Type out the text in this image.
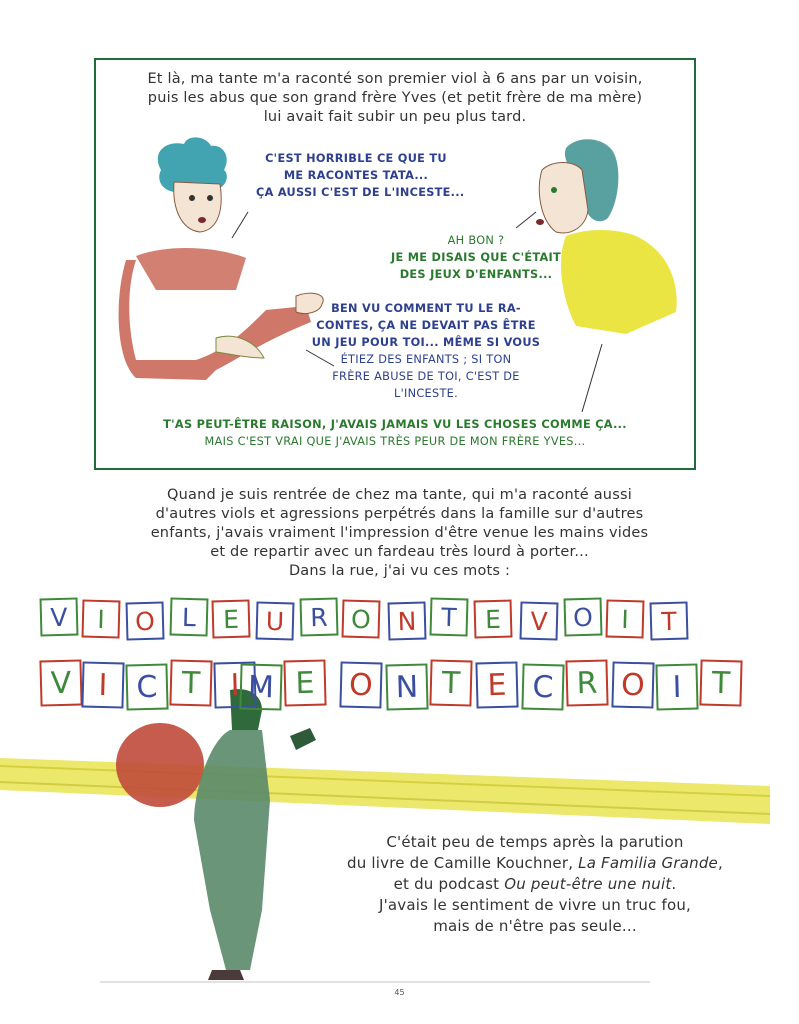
Et là, ma tante m'a raconté son premier viol à 6 ans par un voisin,
puis les abus que son grand frère Yves (et petit frère de ma mère)
lui avait fait subir un peu plus tard.
C'EST HORRIBLE CE QUE TU
ME RACONTES TATA...
ÇA AUSSI C'EST DE L'INCESTE...
AH BON ?
JE ME DISAIS QUE C'ÉTAIT
DES JEUX D'ENFANTS...
BEN VU COMMENT TU LE RA-
CONTES, ÇA NE DEVAIT PAS ÊTRE
UN JEU POUR TOI... MÊME SI VOUS
ÉTIEZ DES ENFANTS ; SI TON
FRÈRE ABUSE DE TOI, C'EST DE
L'INCESTE.
T'AS PEUT-ÊTRE RAISON, J'AVAIS JAMAIS VU LES CHOSES COMME ÇA...
MAIS C'EST VRAI QUE J'AVAIS TRÈS PEUR DE MON FRÈRE YVES...
Quand je suis rentrée de chez ma tante, qui m'a raconté aussi
d'autres viols et agressions perpétrés dans la famille sur d'autres
enfants, j'avais vraiment l'impression d'être venue les mains vides
et de repartir avec un fardeau très lourd à porter...
Dans la rue, j'ai vu ces mots :
V	I	O	L	E	U	R O	N T	E	V O	I	T
V I C T I M E	O N T E C R O I T
C'était peu de temps après la parution
du livre de Camille Kouchner, La Familia Grande,
et du podcast Ou peut-être une nuit.
J'avais le sentiment de vivre un truc fou,
mais de n'être pas seule...
45
